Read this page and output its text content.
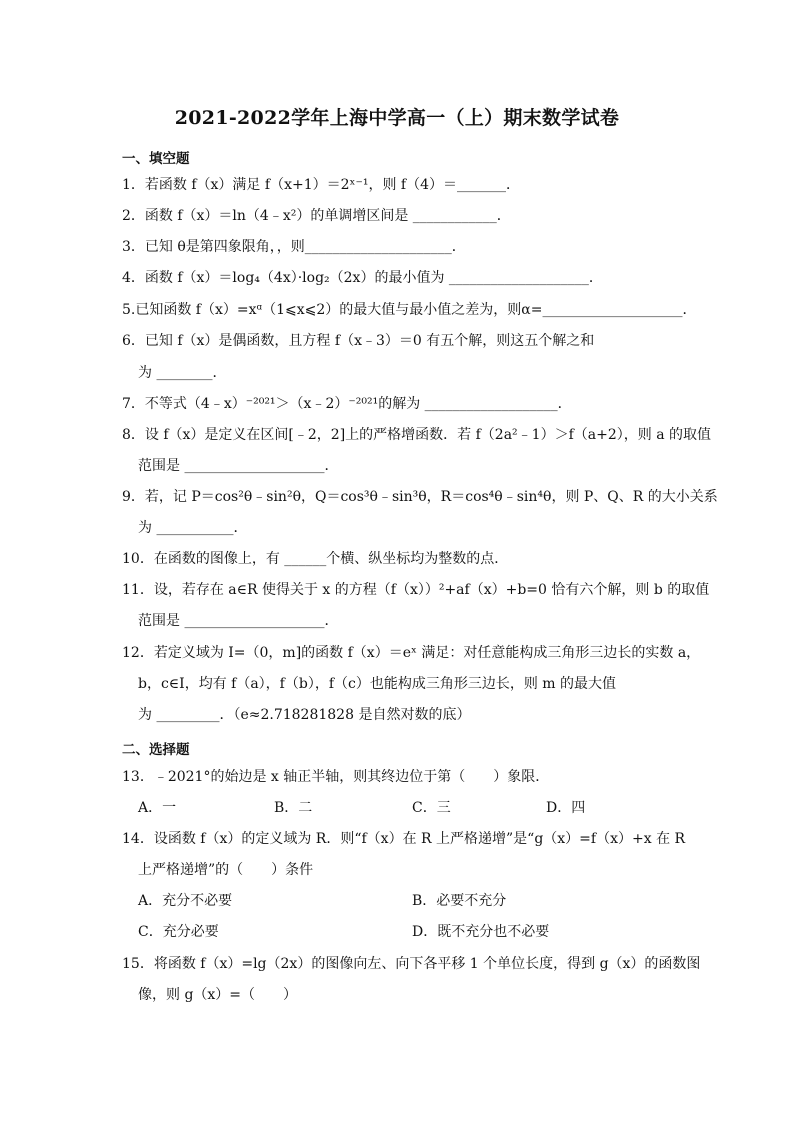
2021-2022学年上海中学高一（上）期末数学试卷
一、填空题
1．若函数 f（x）满足 f（x+1）＝2ˣ⁻¹，则 f（4）＝_______．
2．函数 f（x）＝ln（4﹣x²）的单调增区间是 ____________．
3．已知 θ是第四象限角，，则_____________________．
4．函数 f（x）＝log₄（4x）·log₂（2x）的最小值为 ____________________．
5.已知函数 f（x）=xᵅ（1⩽x⩽2）的最大值与最小值之差为，则α=____________________．
6．已知 f（x）是偶函数，且方程 f（x﹣3）＝0 有五个解，则这五个解之和
为 ________．
7．不等式（4﹣x）⁻²⁰²¹＞（x﹣2）⁻²⁰²¹的解为 ___________________．
8．设 f（x）是定义在区间[﹣2，2]上的严格增函数．若 f（2a²﹣1）＞f（a+2），则 a 的取值
范围是 ____________________．
9．若，记 P＝cos²θ﹣sin²θ，Q＝cos³θ﹣sin³θ，R＝cos⁴θ﹣sin⁴θ，则 P、Q、R 的大小关系
为 ___________．
10．在函数的图像上，有 ______个横、纵坐标均为整数的点．
11．设，若存在 a∈R 使得关于 x 的方程（f（x））²+af（x）+b=0 恰有六个解，则 b 的取值
范围是 ____________________．
12．若定义域为 I=（0，m]的函数 f（x）＝eˣ 满足：对任意能构成三角形三边长的实数 a，
b，c∈I，均有 f（a），f（b），f（c）也能构成三角形三边长，则 m 的最大值
为 _________．（e≈2.718281828 是自然对数的底）
二、选择题
13．﹣2021°的始边是 x 轴正半轴，则其终边位于第（　　）象限．
A．一	B．二	C．三	D．四
14．设函数 f（x）的定义域为 R．则“f（x）在 R 上严格递增”是“g（x）=f（x）+x 在 R
上严格递增”的（　　）条件
A．充分不必要	B．必要不充分
C．充分必要	D．既不充分也不必要
15．将函数 f（x）=lg（2x）的图像向左、向下各平移 1 个单位长度，得到 g（x）的函数图
像，则 g（x）=（　　）
